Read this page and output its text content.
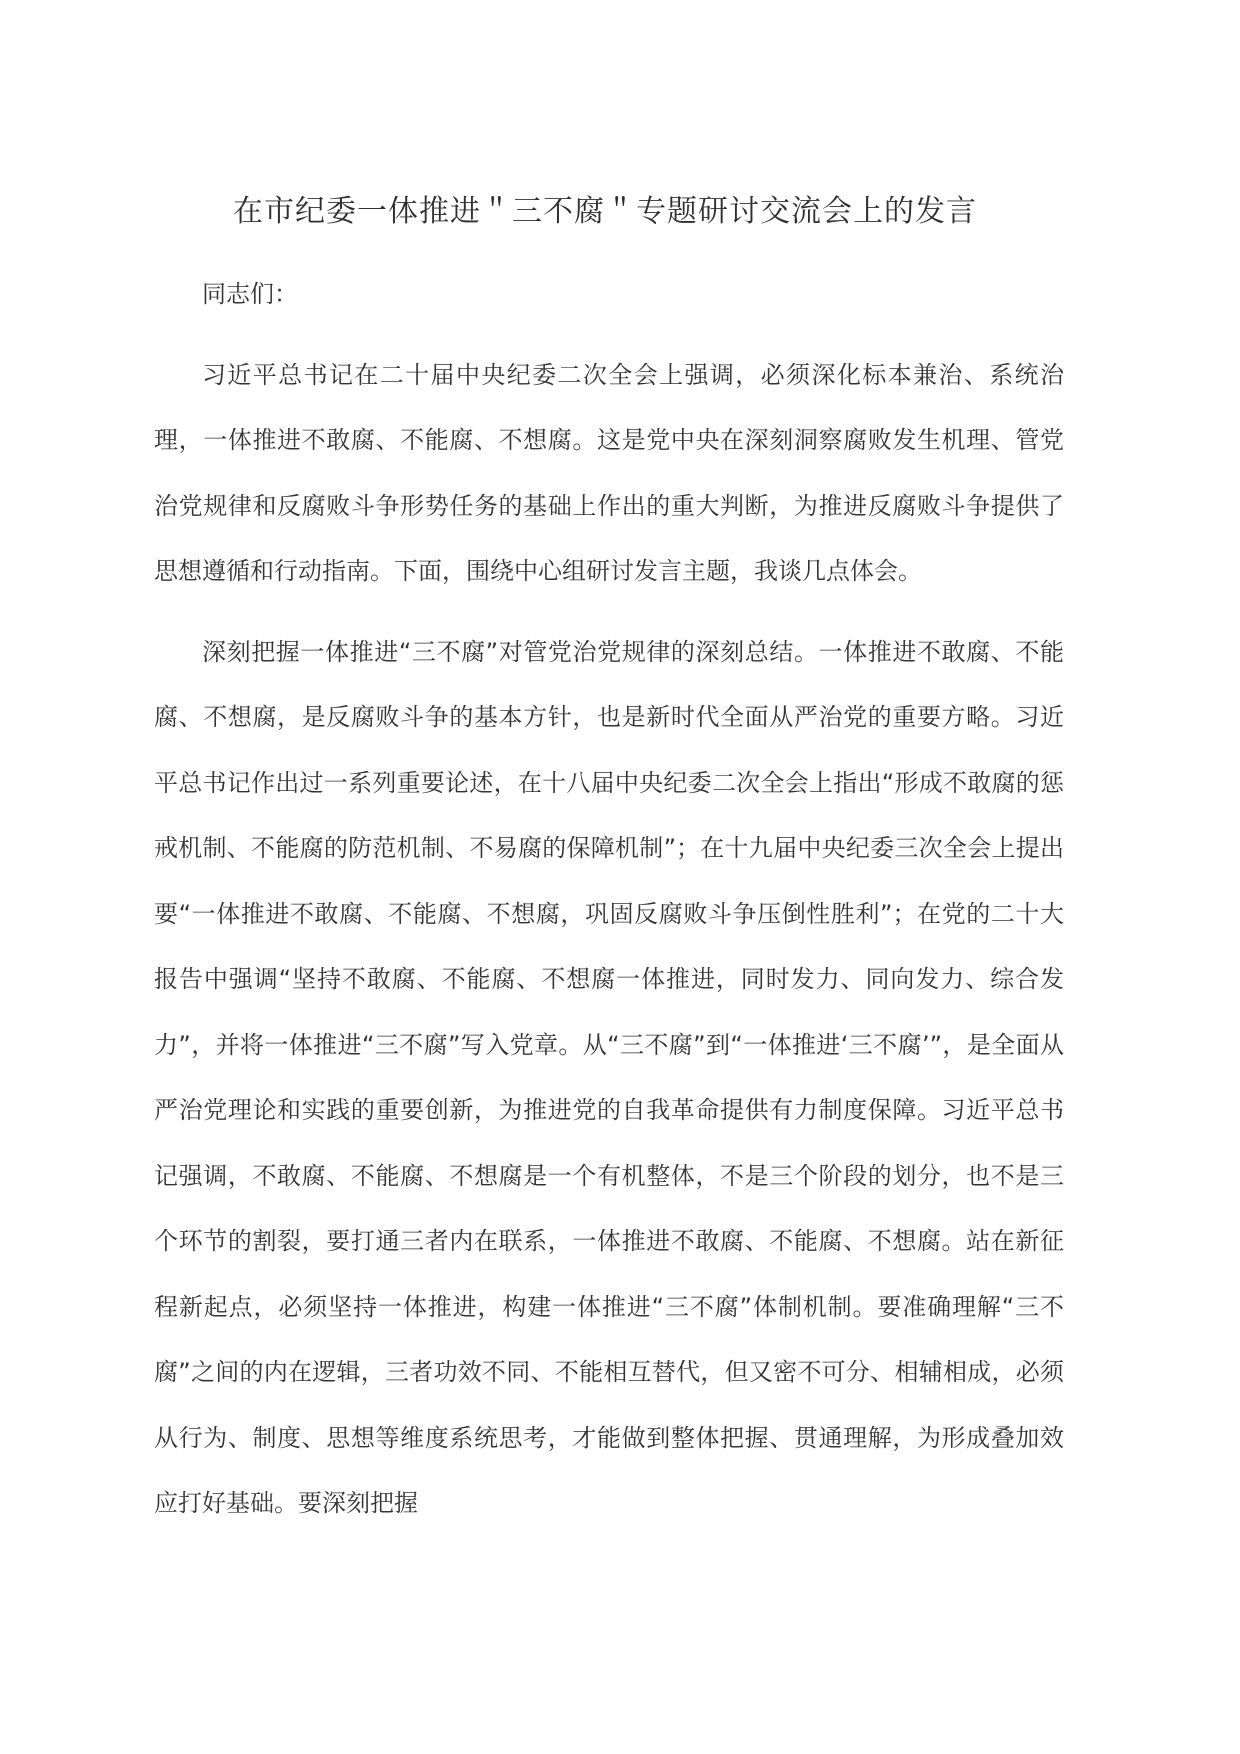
在市纪委一体推进＂三不腐＂专题研讨交流会上的发言

同志们：

习近平总书记在二十届中央纪委二次全会上强调，必须深化标本兼治、系统治理，一体推进不敢腐、不能腐、不想腐。这是党中央在深刻洞察腐败发生机理、管党治党规律和反腐败斗争形势任务的基础上作出的重大判断，为推进反腐败斗争提供了思想遵循和行动指南。下面，围绕中心组研讨发言主题，我谈几点体会。

深刻把握一体推进“三不腐”对管党治党规律的深刻总结。一体推进不敢腐、不能腐、不想腐，是反腐败斗争的基本方针，也是新时代全面从严治党的重要方略。习近平总书记作出过一系列重要论述，在十八届中央纪委二次全会上指出“形成不敢腐的惩戒机制、不能腐的防范机制、不易腐的保障机制”；在十九届中央纪委三次全会上提出要“一体推进不敢腐、不能腐、不想腐，巩固反腐败斗争压倒性胜利”；在党的二十大报告中强调“坚持不敢腐、不能腐、不想腐一体推进，同时发力、同向发力、综合发力”，并将一体推进“三不腐”写入党章。从“三不腐”到“一体推进‘三不腐’”，是全面从严治党理论和实践的重要创新，为推进党的自我革命提供有力制度保障。习近平总书记强调，不敢腐、不能腐、不想腐是一个有机整体，不是三个阶段的划分，也不是三个环节的割裂，要打通三者内在联系，一体推进不敢腐、不能腐、不想腐。站在新征程新起点，必须坚持一体推进，构建一体推进“三不腐”体制机制。要准确理解“三不腐”之间的内在逻辑，三者功效不同、不能相互替代，但又密不可分、相辅相成，必须从行为、制度、思想等维度系统思考，才能做到整体把握、贯通理解，为形成叠加效应打好基础。要深刻把握
